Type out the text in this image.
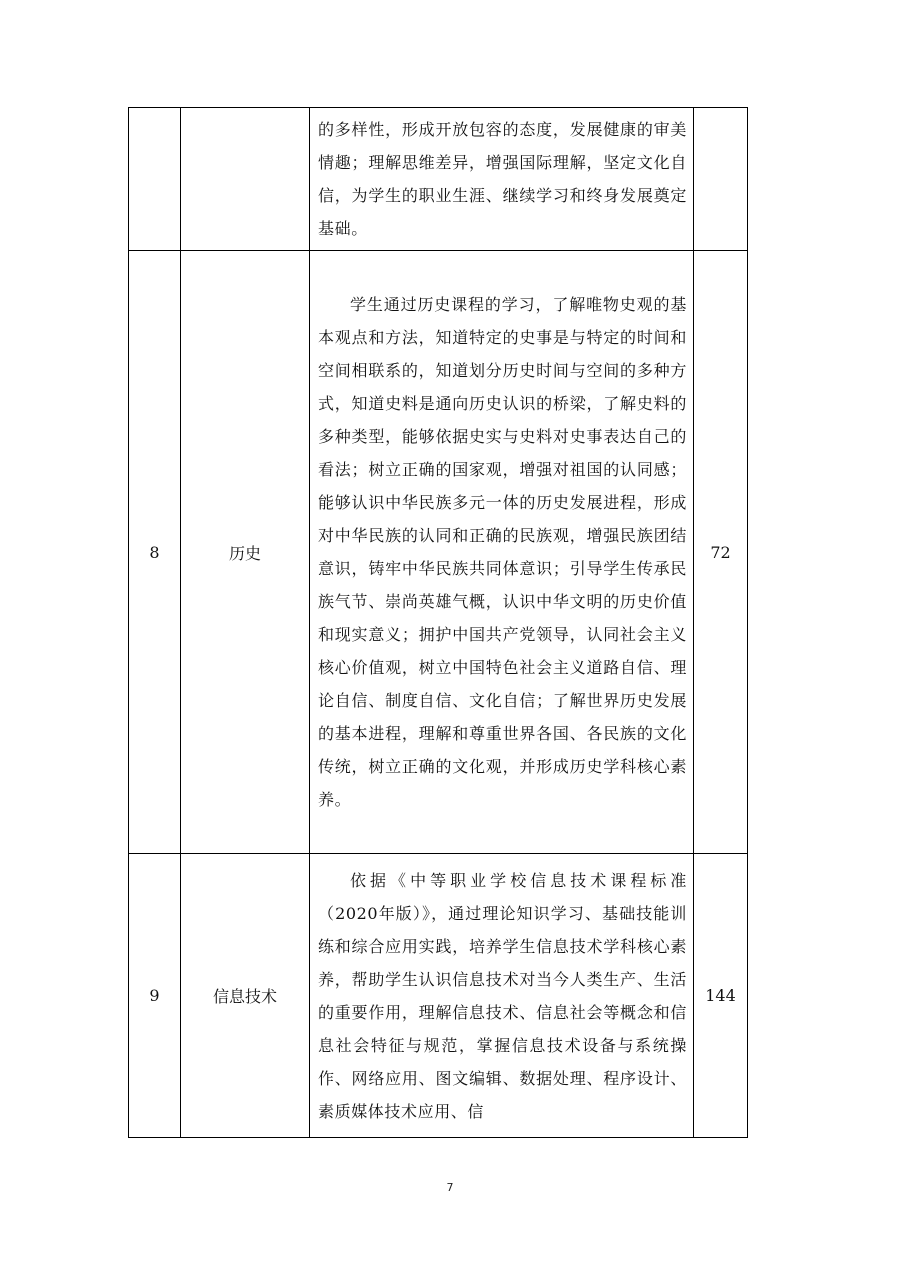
		的多样性，形成开放包容的态度，发展健康的审美情趣；理解思维差异，增强国际理解，坚定文化自信，为学生的职业生涯、继续学习和终身发展奠定基础。	

8	历史	学生通过历史课程的学习，了解唯物史观的基本观点和方法，知道特定的史事是与特定的时间和空间相联系的，知道划分历史时间与空间的多种方式，知道史料是通向历史认识的桥梁，了解史料的多种类型，能够依据史实与史料对史事表达自己的看法；树立正确的国家观，增强对祖国的认同感；能够认识中华民族多元一体的历史发展进程，形成对中华民族的认同和正确的民族观，增强民族团结意识，铸牢中华民族共同体意识；引导学生传承民族气节、崇尚英雄气概，认识中华文明的历史价值和现实意义；拥护中国共产党领导，认同社会主义核心价值观，树立中国特色社会主义道路自信、理论自信、制度自信、文化自信；了解世界历史发展的基本进程，理解和尊重世界各国、各民族的文化传统，树立正确的文化观，并形成历史学科核心素养。	72
9	信息技术	依据《中等职业学校信息技术课程标准（2020年版）》，通过理论知识学习、基础技能训练和综合应用实践，培养学生信息技术学科核心素养，帮助学生认识信息技术对当今人类生产、生活的重要作用，理解信息技术、信息社会等概念和信息社会特征与规范，掌握信息技术设备与系统操作、网络应用、图文编辑、数据处理、程序设计、素质媒体技术应用、信	144
7
